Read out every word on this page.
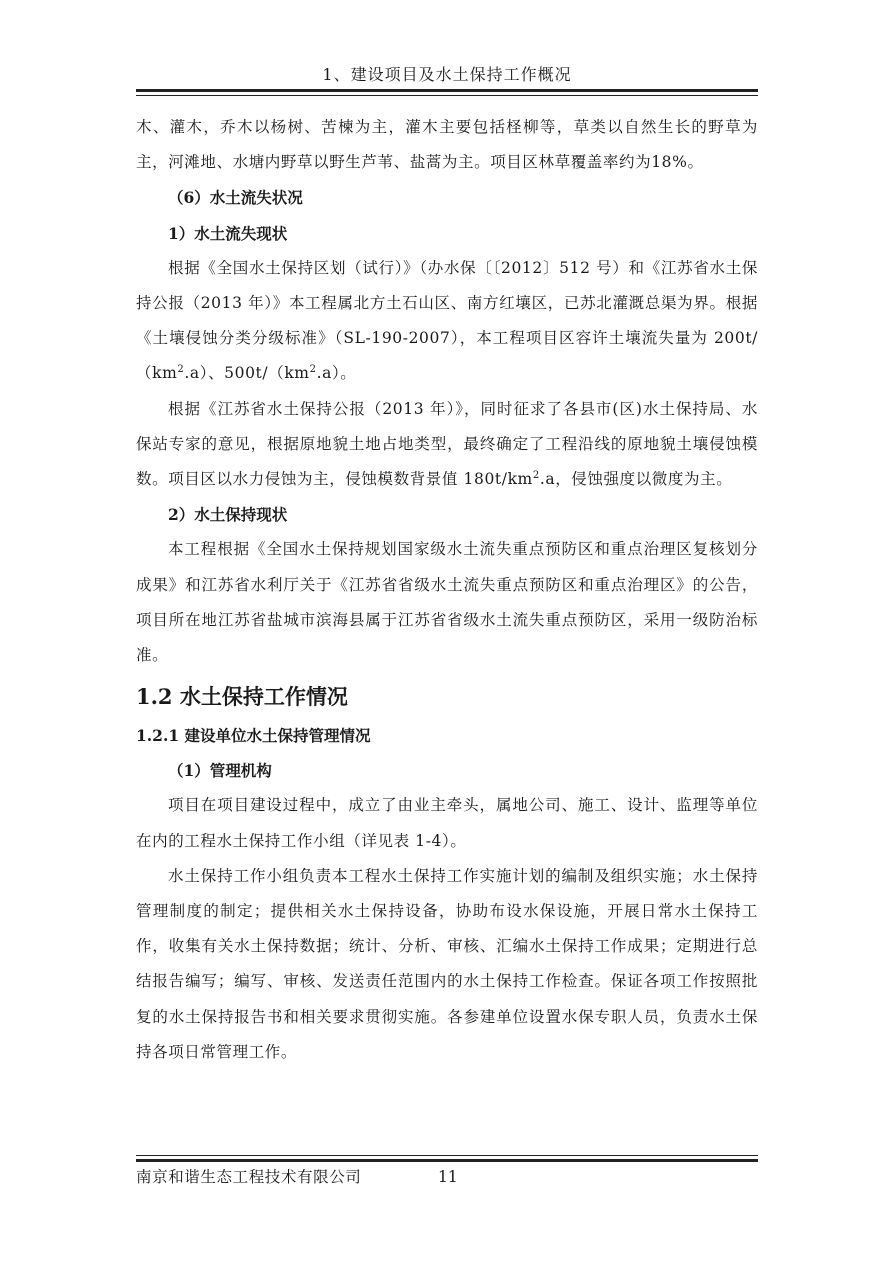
1、建设项目及水土保持工作概况

木、灌木，乔木以杨树、苦楝为主，灌木主要包括柽柳等，草类以自然生长的野草为主，河滩地、水塘内野草以野生芦苇、盐蒿为主。项目区林草覆盖率约为18%。

（6）水土流失状况
1）水土流失现状

根据《全国水土保持区划（试行）》（办水保〔〔2012〕512 号）和《江苏省水土保持公报（2013 年）》本工程属北方土石山区、南方红壤区，已苏北灌溉总渠为界。根据《土壤侵蚀分类分级标准》（SL-190-2007），本工程项目区容许土壤流失量为 $200t/(km^2.a)$、$500t/(km^2.a)$。

根据《江苏省水土保持公报（2013 年）》，同时征求了各县市(区)水土保持局、水保站专家的意见，根据原地貌土地占地类型，最终确定了工程沿线的原地貌土壤侵蚀模数。项目区以水力侵蚀为主，侵蚀模数背景值 $180t/km^2.a$，侵蚀强度以微度为主。

2）水土保持现状

本工程根据《全国水土保持规划国家级水土流失重点预防区和重点治理区复核划分成果》和江苏省水利厅关于《江苏省省级水土流失重点预防区和重点治理区》的公告，项目所在地江苏省盐城市滨海县属于江苏省省级水土流失重点预防区，采用一级防治标准。

1.2 水土保持工作情况
1.2.1 建设单位水土保持管理情况
（1）管理机构

项目在项目建设过程中，成立了由业主牵头，属地公司、施工、设计、监理等单位在内的工程水土保持工作小组（详见表 1-4）。

水土保持工作小组负责本工程水土保持工作实施计划的编制及组织实施；水土保持管理制度的制定；提供相关水土保持设备，协助布设水保设施，开展日常水土保持工作，收集有关水土保持数据；统计、分析、审核、汇编水土保持工作成果；定期进行总结报告编写；编写、审核、发送责任范围内的水土保持工作检查。保证各项工作按照批复的水土保持报告书和相关要求贯彻实施。各参建单位设置水保专职人员，负责水土保持各项日常管理工作。

南京和谐生态工程技术有限公司	11
